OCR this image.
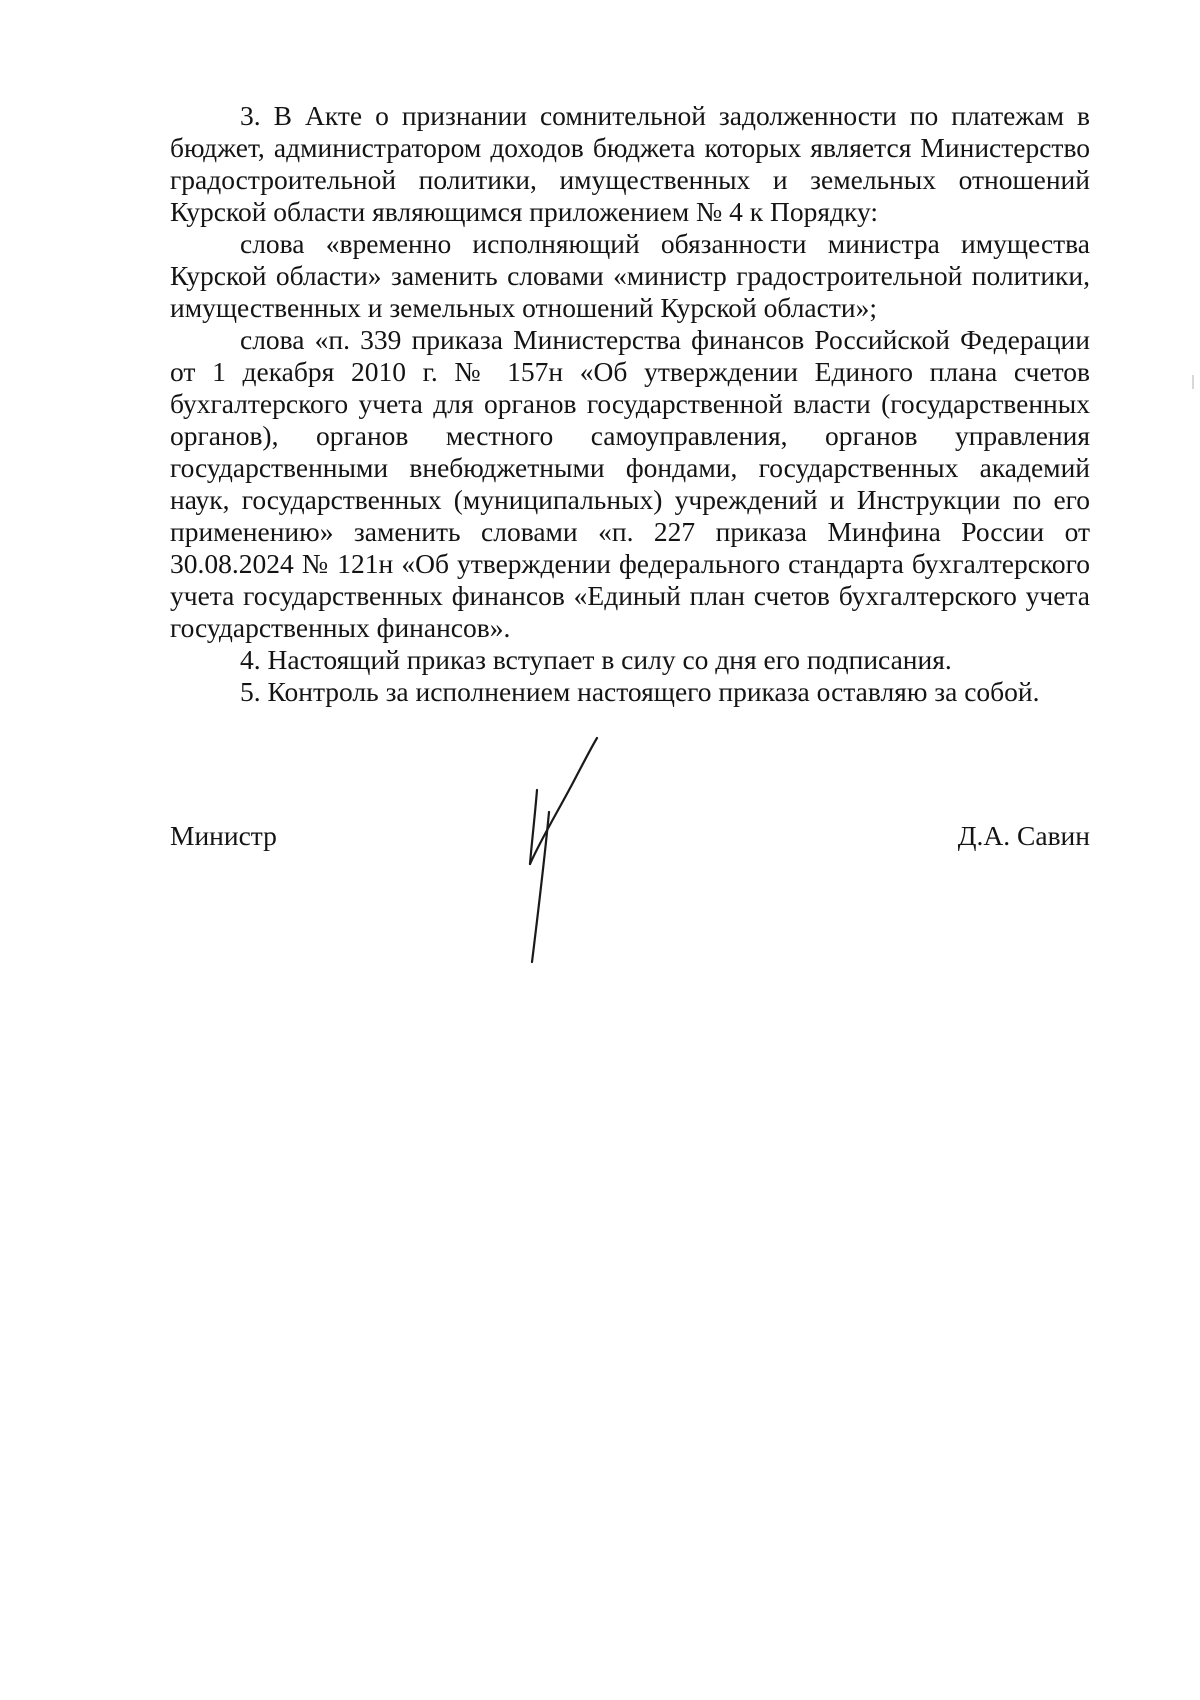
3. В Акте о признании сомнительной задолженности по платежам в бюджет, администратором доходов бюджета которых является Министерство градостроительной политики, имущественных и земельных отношений Курской области являющимся приложением № 4 к Порядку:

слова «временно исполняющий обязанности министра имущества Курской области» заменить словами «министр градостроительной политики, имущественных и земельных отношений Курской области»;

слова «п. 339 приказа Министерства финансов Российской Федерации от 1 декабря 2010 г. № 157н «Об утверждении Единого плана счетов бухгалтерского учета для органов государственной власти (государственных органов), органов местного самоуправления, органов управления государственными внебюджетными фондами, государственных академий наук, государственных (муниципальных) учреждений и Инструкции по его применению» заменить словами «п. 227 приказа Минфина России от 30.08.2024 № 121н «Об утверждении федерального стандарта бухгалтерского учета государственных финансов «Единый план счетов бухгалтерского учета государственных финансов».

4. Настоящий приказ вступает в силу со дня его подписания.

5. Контроль за исполнением настоящего приказа оставляю за собой.

Министр	Д.А. Савин
